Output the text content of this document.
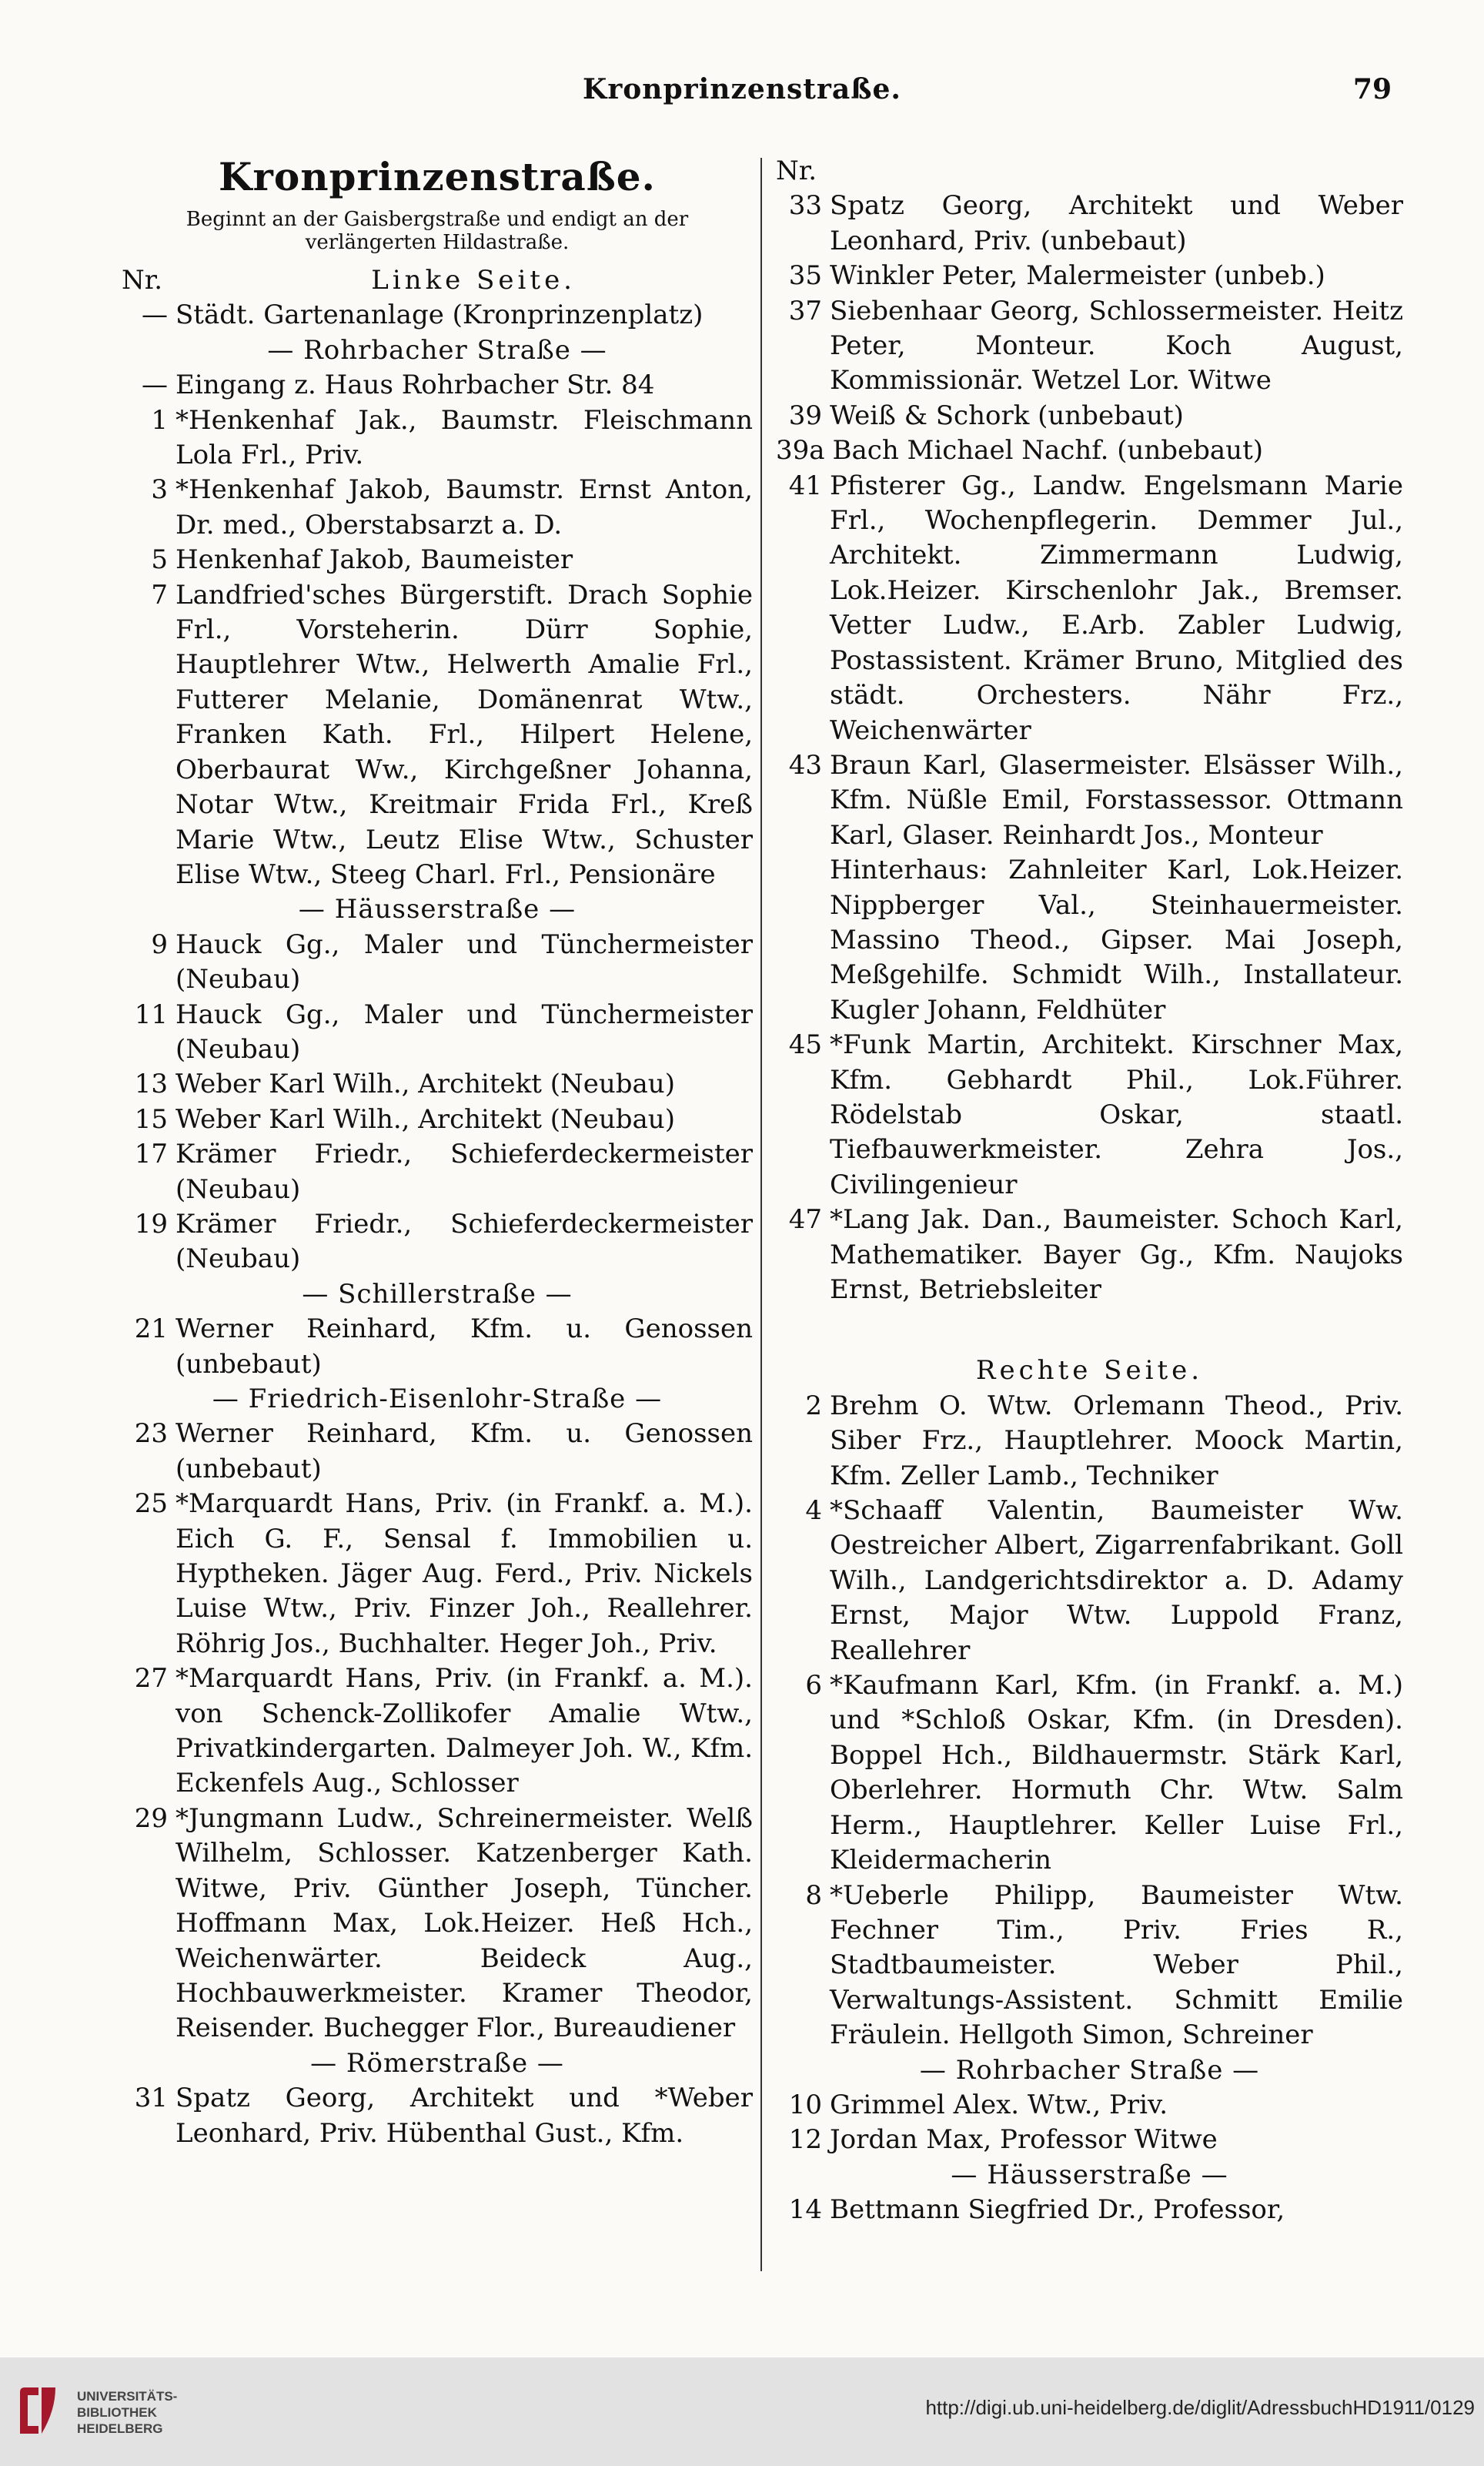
Kronprinzenstraße.	79
Kronprinzenstraße.
Beginnt an der Gaisbergstraße und endigt an der verlängerten Hildastraße.
Nr.	Linke Seite.
— Städt. Gartenanlage (Kronprinzenplatz)
— Rohrbacher Straße —
— Eingang z. Haus Rohrbacher Str. 84
1 *Henkenhaf Jak., Baumstr. Fleischmann Lola Frl., Priv.
3 *Henkenhaf Jakob, Baumstr. Ernst Anton, Dr. med., Oberstabsarzt a. D.
5 Henkenhaf Jakob, Baumeister
7 Landfried'sches Bürgerstift. Drach Sophie Frl., Vorsteherin. Dürr Sophie, Hauptlehrer Wtw., Helwerth Amalie Frl., Futterer Melanie, Domänenrat Wtw., Franken Kath. Frl., Hilpert Helene, Oberbaurat Ww., Kirchgeßner Johanna, Notar Wtw., Kreitmair Frida Frl., Kreß Marie Wtw., Leutz Elise Wtw., Schuster Elise Wtw., Steeg Charl. Frl., Pensionäre
— Häusserstraße —
9 Hauck Gg., Maler und Tünchermeister (Neubau)
11 Hauck Gg., Maler und Tünchermeister (Neubau)
13 Weber Karl Wilh., Architekt (Neubau)
15 Weber Karl Wilh., Architekt (Neubau)
17 Krämer Friedr., Schieferdeckermeister (Neubau)
19 Krämer Friedr., Schieferdeckermeister (Neubau)
— Schillerstraße —
21 Werner Reinhard, Kfm. u. Genossen (unbebaut)
— Friedrich-Eisenlohr-Straße —
23 Werner Reinhard, Kfm. u. Genossen (unbebaut)
25 *Marquardt Hans, Priv. (in Frankf. a. M.). Eich G. F., Sensal f. Immobilien u. Hyptheken. Jäger Aug. Ferd., Priv. Nickels Luise Wtw., Priv. Finzer Joh., Reallehrer. Röhrig Jos., Buchhalter. Heger Joh., Priv.
27 *Marquardt Hans, Priv. (in Frankf. a. M.). von Schenck-Zollikofer Amalie Wtw., Privatkindergarten. Dalmeyer Joh. W., Kfm. Eckenfels Aug., Schlosser
29 *Jungmann Ludw., Schreinermeister. Welß Wilhelm, Schlosser. Katzenberger Kath. Witwe, Priv. Günther Joseph, Tüncher. Hoffmann Max, Lok.Heizer. Heß Hch., Weichenwärter. Beideck Aug., Hochbauwerkmeister. Kramer Theodor, Reisender. Buchegger Flor., Bureaudiener
— Römerstraße —
31 Spatz Georg, Architekt und *Weber Leonhard, Priv. Hübenthal Gust., Kfm.
Nr.
33 Spatz Georg, Architekt und Weber Leonhard, Priv. (unbebaut)
35 Winkler Peter, Malermeister (unbeb.)
37 Siebenhaar Georg, Schlossermeister. Heitz Peter, Monteur. Koch August, Kommissionär. Wetzel Lor. Witwe
39 Weiß & Schork (unbebaut)
39a Bach Michael Nachf. (unbebaut)
41 Pfisterer Gg., Landw. Engelsmann Marie Frl., Wochenpflegerin. Demmer Jul., Architekt. Zimmermann Ludwig, Lok.Heizer. Kirschenlohr Jak., Bremser. Vetter Ludw., E.Arb. Zabler Ludwig, Postassistent. Krämer Bruno, Mitglied des städt. Orchesters. Nähr Frz., Weichenwärter
43 Braun Karl, Glasermeister. Elsässer Wilh., Kfm. Nüßle Emil, Forstassessor. Ottmann Karl, Glaser. Reinhardt Jos., Monteur
Hinterhaus: Zahnleiter Karl, Lok.Heizer. Nippberger Val., Steinhauermeister. Massino Theod., Gipser. Mai Joseph, Meßgehilfe. Schmidt Wilh., Installateur. Kugler Johann, Feldhüter
45 *Funk Martin, Architekt. Kirschner Max, Kfm. Gebhardt Phil., Lok.Führer. Rödelstab Oskar, staatl. Tiefbauwerkmeister. Zehra Jos., Civilingenieur
47 *Lang Jak. Dan., Baumeister. Schoch Karl, Mathematiker. Bayer Gg., Kfm. Naujoks Ernst, Betriebsleiter
Rechte Seite.
2 Brehm O. Wtw. Orlemann Theod., Priv. Siber Frz., Hauptlehrer. Moock Martin, Kfm. Zeller Lamb., Techniker
4 *Schaaff Valentin, Baumeister Ww. Oestreicher Albert, Zigarrenfabrikant. Goll Wilh., Landgerichtsdirektor a. D. Adamy Ernst, Major Wtw. Luppold Franz, Reallehrer
6 *Kaufmann Karl, Kfm. (in Frankf. a. M.) und *Schloß Oskar, Kfm. (in Dresden). Boppel Hch., Bildhauermstr. Stärk Karl, Oberlehrer. Hormuth Chr. Wtw. Salm Herm., Hauptlehrer. Keller Luise Frl., Kleidermacherin
8 *Ueberle Philipp, Baumeister Wtw. Fechner Tim., Priv. Fries R., Stadtbaumeister. Weber Phil., Verwaltungs-Assistent. Schmitt Emilie Fräulein. Hellgoth Simon, Schreiner
— Rohrbacher Straße —
10 Grimmel Alex. Wtw., Priv.
12 Jordan Max, Professor Witwe
— Häusserstraße —
14 Bettmann Siegfried Dr., Professor,
UNIVERSITÄTS-
BIBLIOTHEK
HEIDELBERG
http://digi.ub.uni-heidelberg.de/diglit/AdressbuchHD1911/0129
